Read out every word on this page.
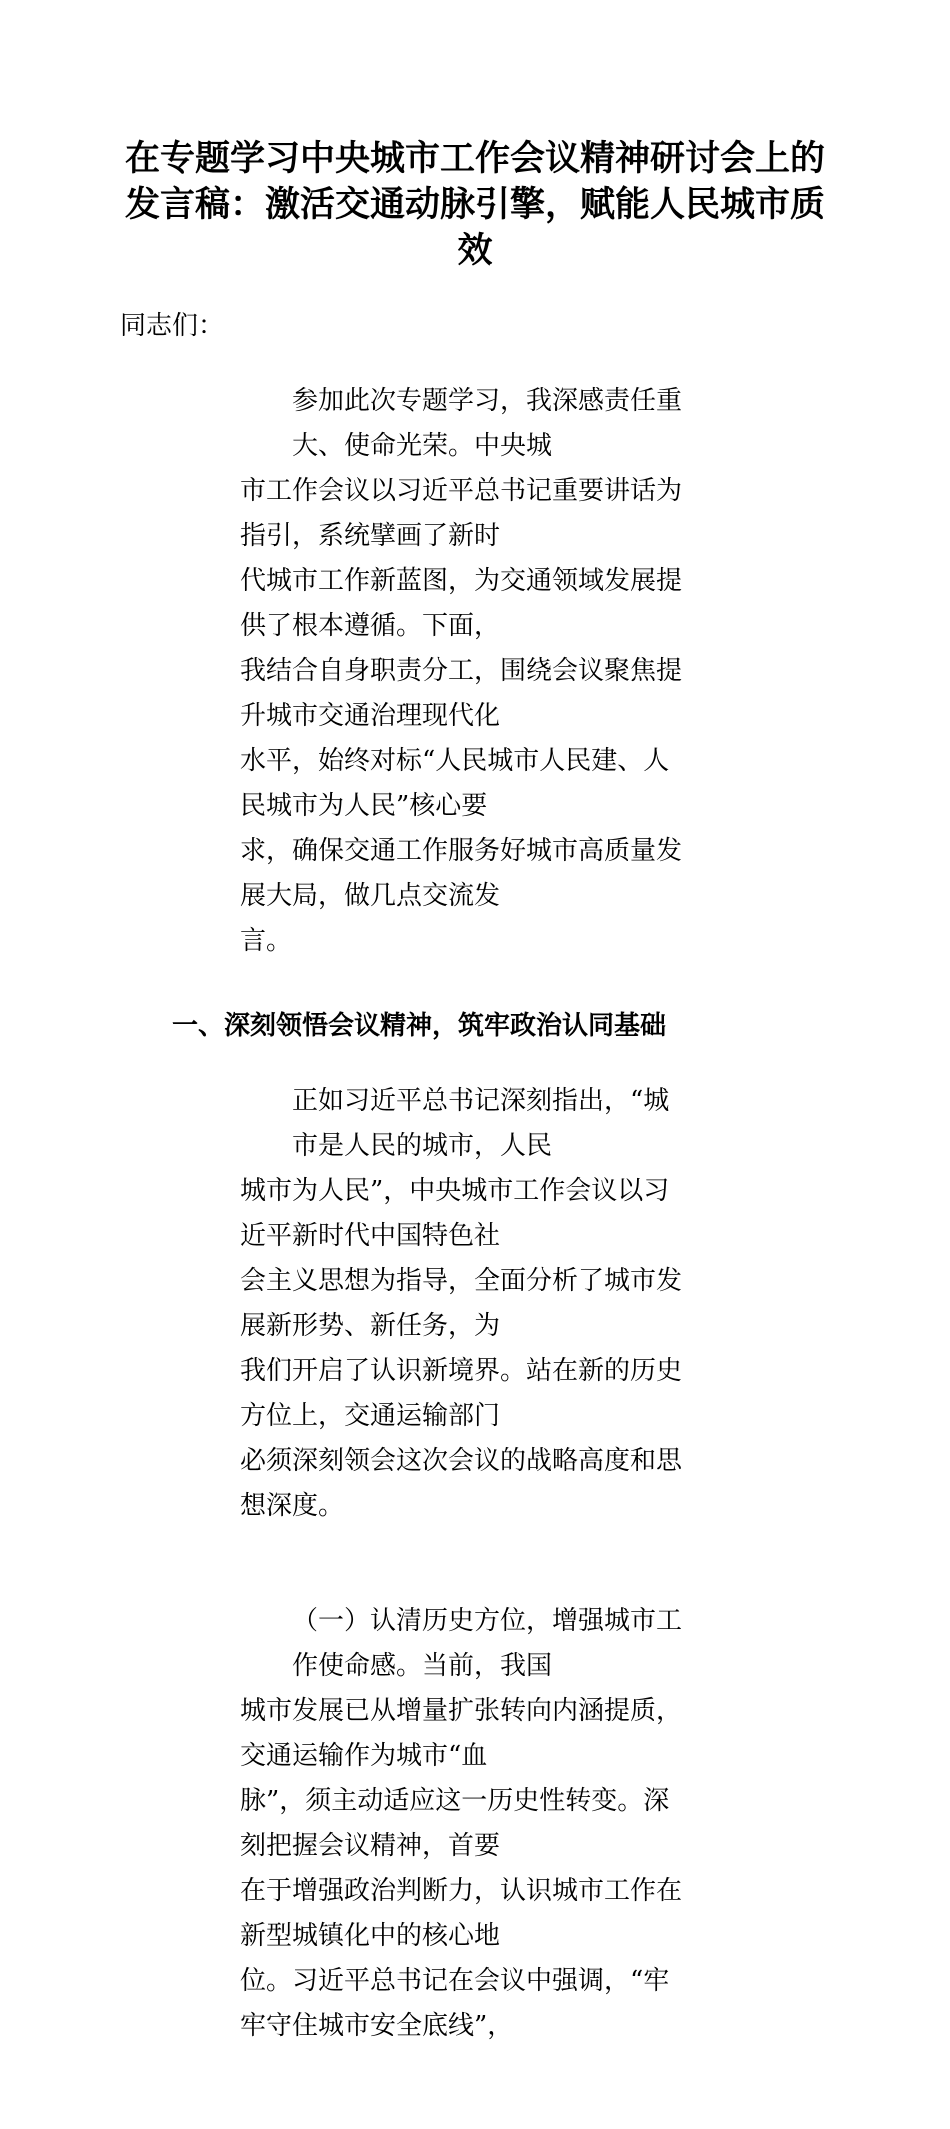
在专题学习中央城市工作会议精神研讨会上的
发言稿：激活交通动脉引擎，赋能人民城市质
效
同志们：
参加此次专题学习，我深感责任重大、使命光荣。中央城
市工作会议以习近平总书记重要讲话为指引，系统擘画了新时
代城市工作新蓝图，为交通领域发展提供了根本遵循。下面，
我结合自身职责分工，围绕会议聚焦提升城市交通治理现代化
水平，始终对标“人民城市人民建、人民城市为人民”核心要
求，确保交通工作服务好城市高质量发展大局，做几点交流发
言。
一、深刻领悟会议精神，筑牢政治认同基础
正如习近平总书记深刻指出，“城市是人民的城市，人民
城市为人民”，中央城市工作会议以习近平新时代中国特色社
会主义思想为指导，全面分析了城市发展新形势、新任务，为
我们开启了认识新境界。站在新的历史方位上，交通运输部门
必须深刻领会这次会议的战略高度和思想深度。
（一）认清历史方位，增强城市工作使命感。当前，我国
城市发展已从增量扩张转向内涵提质，交通运输作为城市“血
脉”，须主动适应这一历史性转变。深刻把握会议精神，首要
在于增强政治判断力，认识城市工作在新型城镇化中的核心地
位。习近平总书记在会议中强调，“牢牢守住城市安全底线”，
